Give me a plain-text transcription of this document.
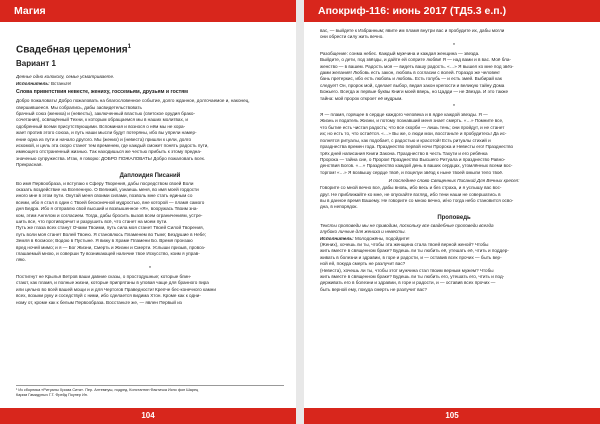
Магия
Свадебная церемония$^1$
Вариант 1
Деянье одно колоколу, семье усматриваете.
Исполнитель: Встаньте!
Слова приветствия невесте, жениху, госсемьям, друзьям и гостям
Добро пожаловать! Добро пожаловать на благословенное событие, долго жданное, долгочаемое и, наконец, свершившееся. Мы собрались, дабы засвидетельствовать
брачный союз (жениха) и (невесты), заключенный властью (светское орудия брако-
сочетания), освящённый Техни, к которым обращаемся мы в наших молитвах, и
одобренный всеми присутствующими. Вспоминая и вознося о нём мы не хора-
жает против этого союза, и путь наши мысли будут потеряны, ибо вы упрели намер-
ение одна из пути и начало другого. Мы (жених) и (невеста) пришли к цели, долго
искомой, и цель эта скоро станет тем временем, где каждый сможет понять радость пути,
имеющего отстраненный жизнью. Так находишься же честью прибыть к этому предна-
значенью супружества. Итак, я говорю: ДОБРО ПОЖАЛОВАТЬ! Добро пожаловать всех.
Прекрасная.
Даплоидия Писаний
Во имя Первообраза, и вступаю к Сферу Творения, дабы посредством своей Воли
оказать воздействие на Вселенную. О Великий, узнаешь меня, во имя моей гордости
иного мне в этом пути. Окутай меня своими силами, позволь мне стать единым со
всеми, ибо я стал в один с Твоей бесконечной мудростью, вне которой — пламя самого
дня Бедра. Ибо я отправлю свой высший и возвышенное «Я», вооружась Твоим зна-
ком, этим Ангелом и согласием. Тогда, дабы бросить вызов всем ограничениям, устре-
шить все, что противоречит и разрушить всё, что станет на моем пути.
Путь же глаза всех станут Очами Твоими, путь сила моя станет Твоей Силой Творения,
путь воли моя станет Волей Твоею. Я становлюсь Пламенем во Тьме; Бездушие в Небе;
Земля в Космосе; Водою в Пустыне. Я вижу в Храме Пламени Бо. Время пронзаю
вред ночей мимо; и я — Бог Жизни, Смерть и Жизни и Смерти. Услыши призыв, провоз-
глашаемый мною, и соверши Ту возникающей наличие твое Искусство, коим я управ-
ляю.
*
Постигнут не Крылья Ветров ваши давние сказы, о простодушные; которые блин-
стают, как пламя, и полные жизни, которые припрятаны в уповая чаще для бранного пира
или цельно во всей вашей мощи и и для Чертогов Праведности! Крепче бес-конечного камни
всех, возьми руку и соседствуй с ними, ибо сделается видима Хтон. Кроме как к одни-
ному от, кроме как к белым Первообраза. Восстаньте же, — явлен Первый из
¹ Из сборника «Ритуалы Хрома Сита». Пер. Алтемпуш, подред. Константин Фактичка Испо фон Шарец
Карим Гамидуныч Г.Т. Фрейд Поупер Ин.
104
Апокриф-116: июнь 2017 (ТД5.3 е.п.)
вас, — выйдете к Избранным; явите им пламя внутри вас и пробудите их, дабы могли
они обрести силу жить вечно.
*
Разобщение: сонма небес. Каждый мужчина и каждая женщина — звезда.
Выйдите, о дети, под звёзды, и дайте ей соприте любви! Я — над вами и в вас. Моё бла-
женство — в вашем. Радость моя — видеть вашу радость. «…» Я вышел ко мне под звёз-
дами желания! Любовь есть закон, любовь в согласии с волей. Гораздо же человек!
бань претеркис, ибо есть любовь и любовь. Есть голубь — и есть змей. Выбирай как
следует! Он, пророк мой, сделает выбор, ведая закон крепости и великую тайну Дома
Божьего. Всегда ж первые буквы Книги моей вверь, но Цадди — не Звезда. И это также
тайна: мой пророк откроет её мудрым.
*
Я — пламя, горящее в сердце каждого человека и в ядре каждой звезды. Я —
Жизнь и податель Жизни, и потому познавший меня знает смерть. «…» Помните все,
что бытие есть чистая радость; что все скорби — лишь тень; они пройдут, и не станет
их; но есть то, что остаётся. «…» Вы же, о люди мои, восстаньте и пробудитесь! Да ис-
полнятся ритуалы, как подобает, с радостью и красотой! Есть ритуалы стихий и
празднества времен года. Празднество первой ночи Пророка и Невесты его! Празднество
трёх дней написания Книги Закона. Празднество в честь Тахути и его ребёнка
Пророка — тайна сие, о Пророк! Празднество Высшего Ритуала и празднество Равно-
денствия Богов. «…» Празднество каждой день в ваших сердцах, утомлённых всеми вос-
торгом! «…» Я возвышу сердце твоё, и поцелуи звёзд к ныне твоей омыли тело твоё.
И последнее слово Священных Писаний Для Вечных кресел:
Говорите со мной вечно все, дабы вновь, ибо весь и без страха, и я услышу вас вос-
друг. Не приближайте ко мне, не опускайте взгляд, ибо тени наши не совершатись в
вы в данное время Вашему. Не говорите со мною вечно, и/но тогда небо становится осво-
дна, в непорядок.
Проповедь
Тексты проповеди мы не приводим, поскольку все свадебные проповеди всегда
глубоко личные для жениха и невесты.
Исполнитель: Молодожёны, подойдите!
(Жених), хочешь ли ты, чтобы эта женщина стала твоей верной женой? Чтобы
жить вместе в священном браке? Будешь ли ты любить её, утешать её, чтить и поддер-
живать в болезни и здравии, в горе и радости, и — оставив всех прочих — быть вер-
ной ей, покуда смерть не разлучит вас?
(Невеста), хочешь ли ты, чтобы этот мужчина стал твоим верным мужем? Чтобы
жить вместе в священном браке? Будешь ли ты любить его, утешать его, чтить и под-
держивать его в болезни и здравии, в горе и радости, и — оставив всех прочих —
быть верной ему, покуда смерть не разлучит вас?
105
